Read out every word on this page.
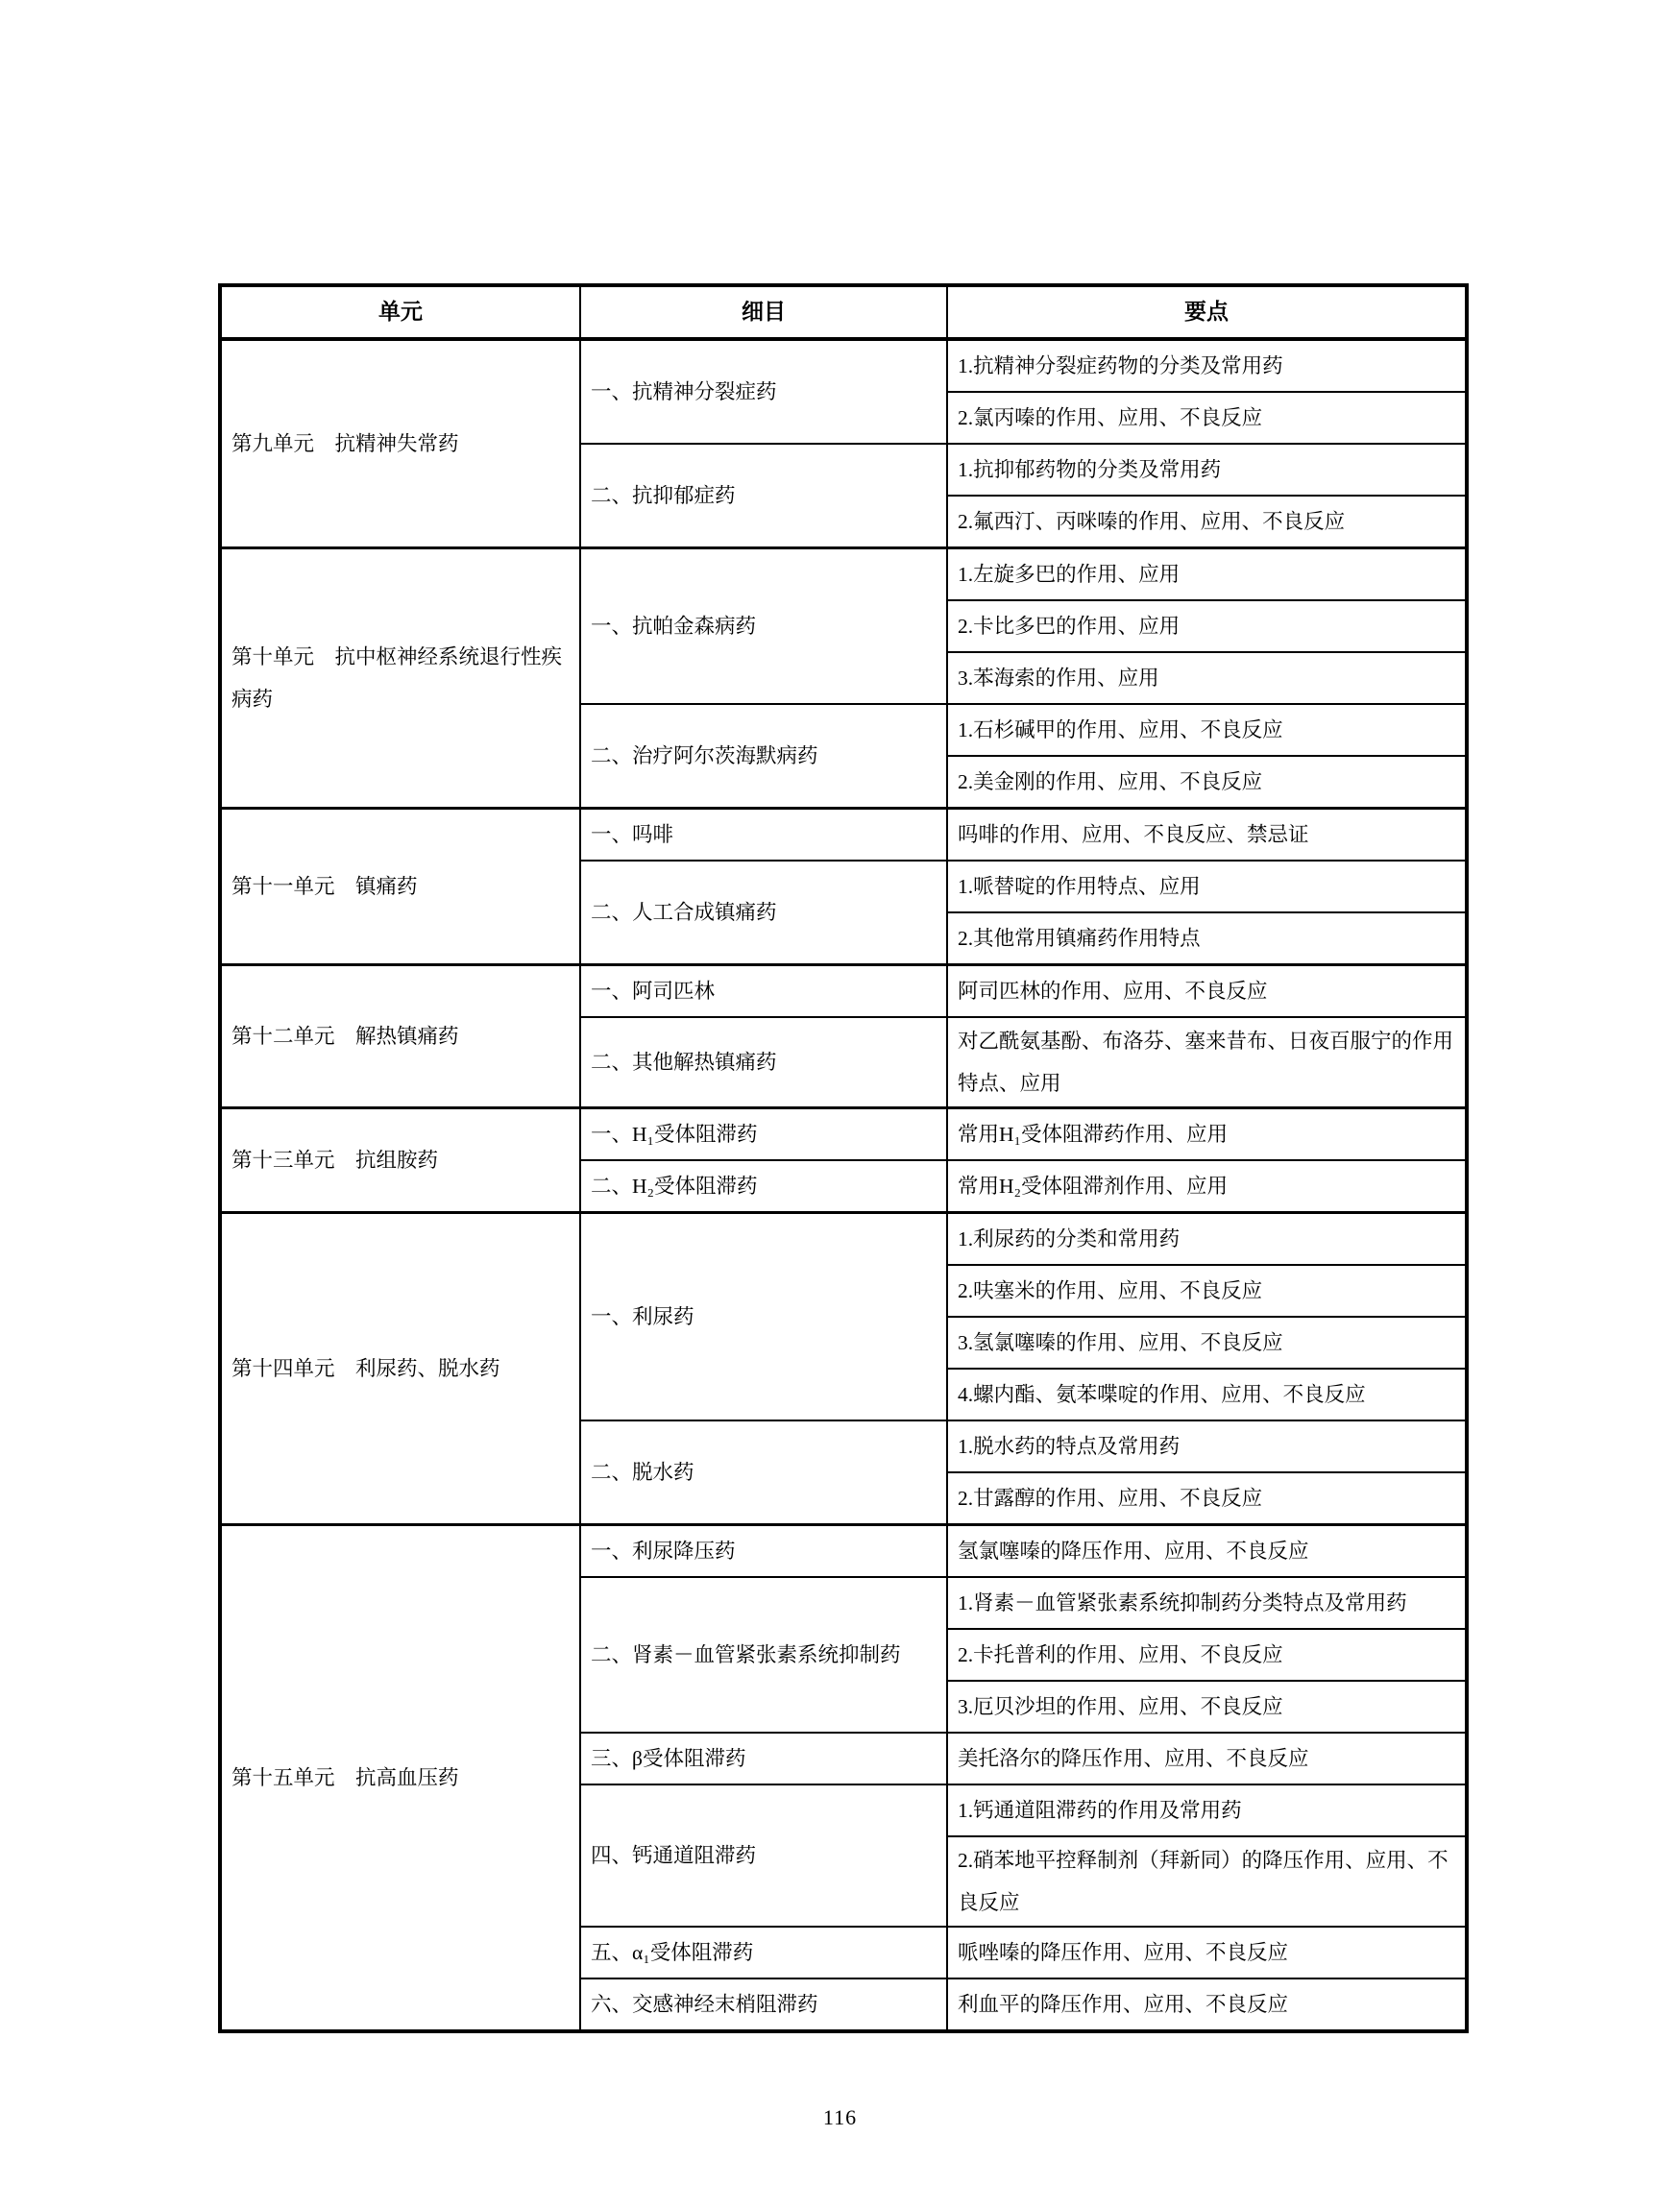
单元	细目	要点
第九单元　抗精神失常药	一、抗精神分裂症药	1.抗精神分裂症药物的分类及常用药
		2.氯丙嗪的作用、应用、不良反应
	二、抗抑郁症药	1.抗抑郁药物的分类及常用药
		2.氟西汀、丙咪嗪的作用、应用、不良反应
第十单元　抗中枢神经系统退行性疾病药	一、抗帕金森病药	1.左旋多巴的作用、应用
		2.卡比多巴的作用、应用
		3.苯海索的作用、应用
	二、治疗阿尔茨海默病药	1.石杉碱甲的作用、应用、不良反应
		2.美金刚的作用、应用、不良反应
第十一单元　镇痛药	一、吗啡	吗啡的作用、应用、不良反应、禁忌证
	二、人工合成镇痛药	1.哌替啶的作用特点、应用
		2.其他常用镇痛药作用特点
第十二单元　解热镇痛药	一、阿司匹林	阿司匹林的作用、应用、不良反应
	二、其他解热镇痛药	对乙酰氨基酚、布洛芬、塞来昔布、日夜百服宁的作用特点、应用
第十三单元　抗组胺药	一、H₁受体阻滞药	常用H₁受体阻滞药作用、应用
	二、H₂受体阻滞药	常用H₂受体阻滞剂作用、应用
第十四单元　利尿药、脱水药	一、利尿药	1.利尿药的分类和常用药
		2.呋塞米的作用、应用、不良反应
		3.氢氯噻嗪的作用、应用、不良反应
		4.螺内酯、氨苯喋啶的作用、应用、不良反应
	二、脱水药	1.脱水药的特点及常用药
		2.甘露醇的作用、应用、不良反应
第十五单元　抗高血压药	一、利尿降压药	氢氯噻嗪的降压作用、应用、不良反应
	二、肾素－血管紧张素系统抑制药	1.肾素－血管紧张素系统抑制药分类特点及常用药
		2.卡托普利的作用、应用、不良反应
		3.厄贝沙坦的作用、应用、不良反应
	三、β受体阻滞药	美托洛尔的降压作用、应用、不良反应
	四、钙通道阻滞药	1.钙通道阻滞药的作用及常用药
		2.硝苯地平控释制剂（拜新同）的降压作用、应用、不良反应
	五、α₁受体阻滞药	哌唑嗪的降压作用、应用、不良反应
	六、交感神经末梢阻滞药	利血平的降压作用、应用、不良反应
116
